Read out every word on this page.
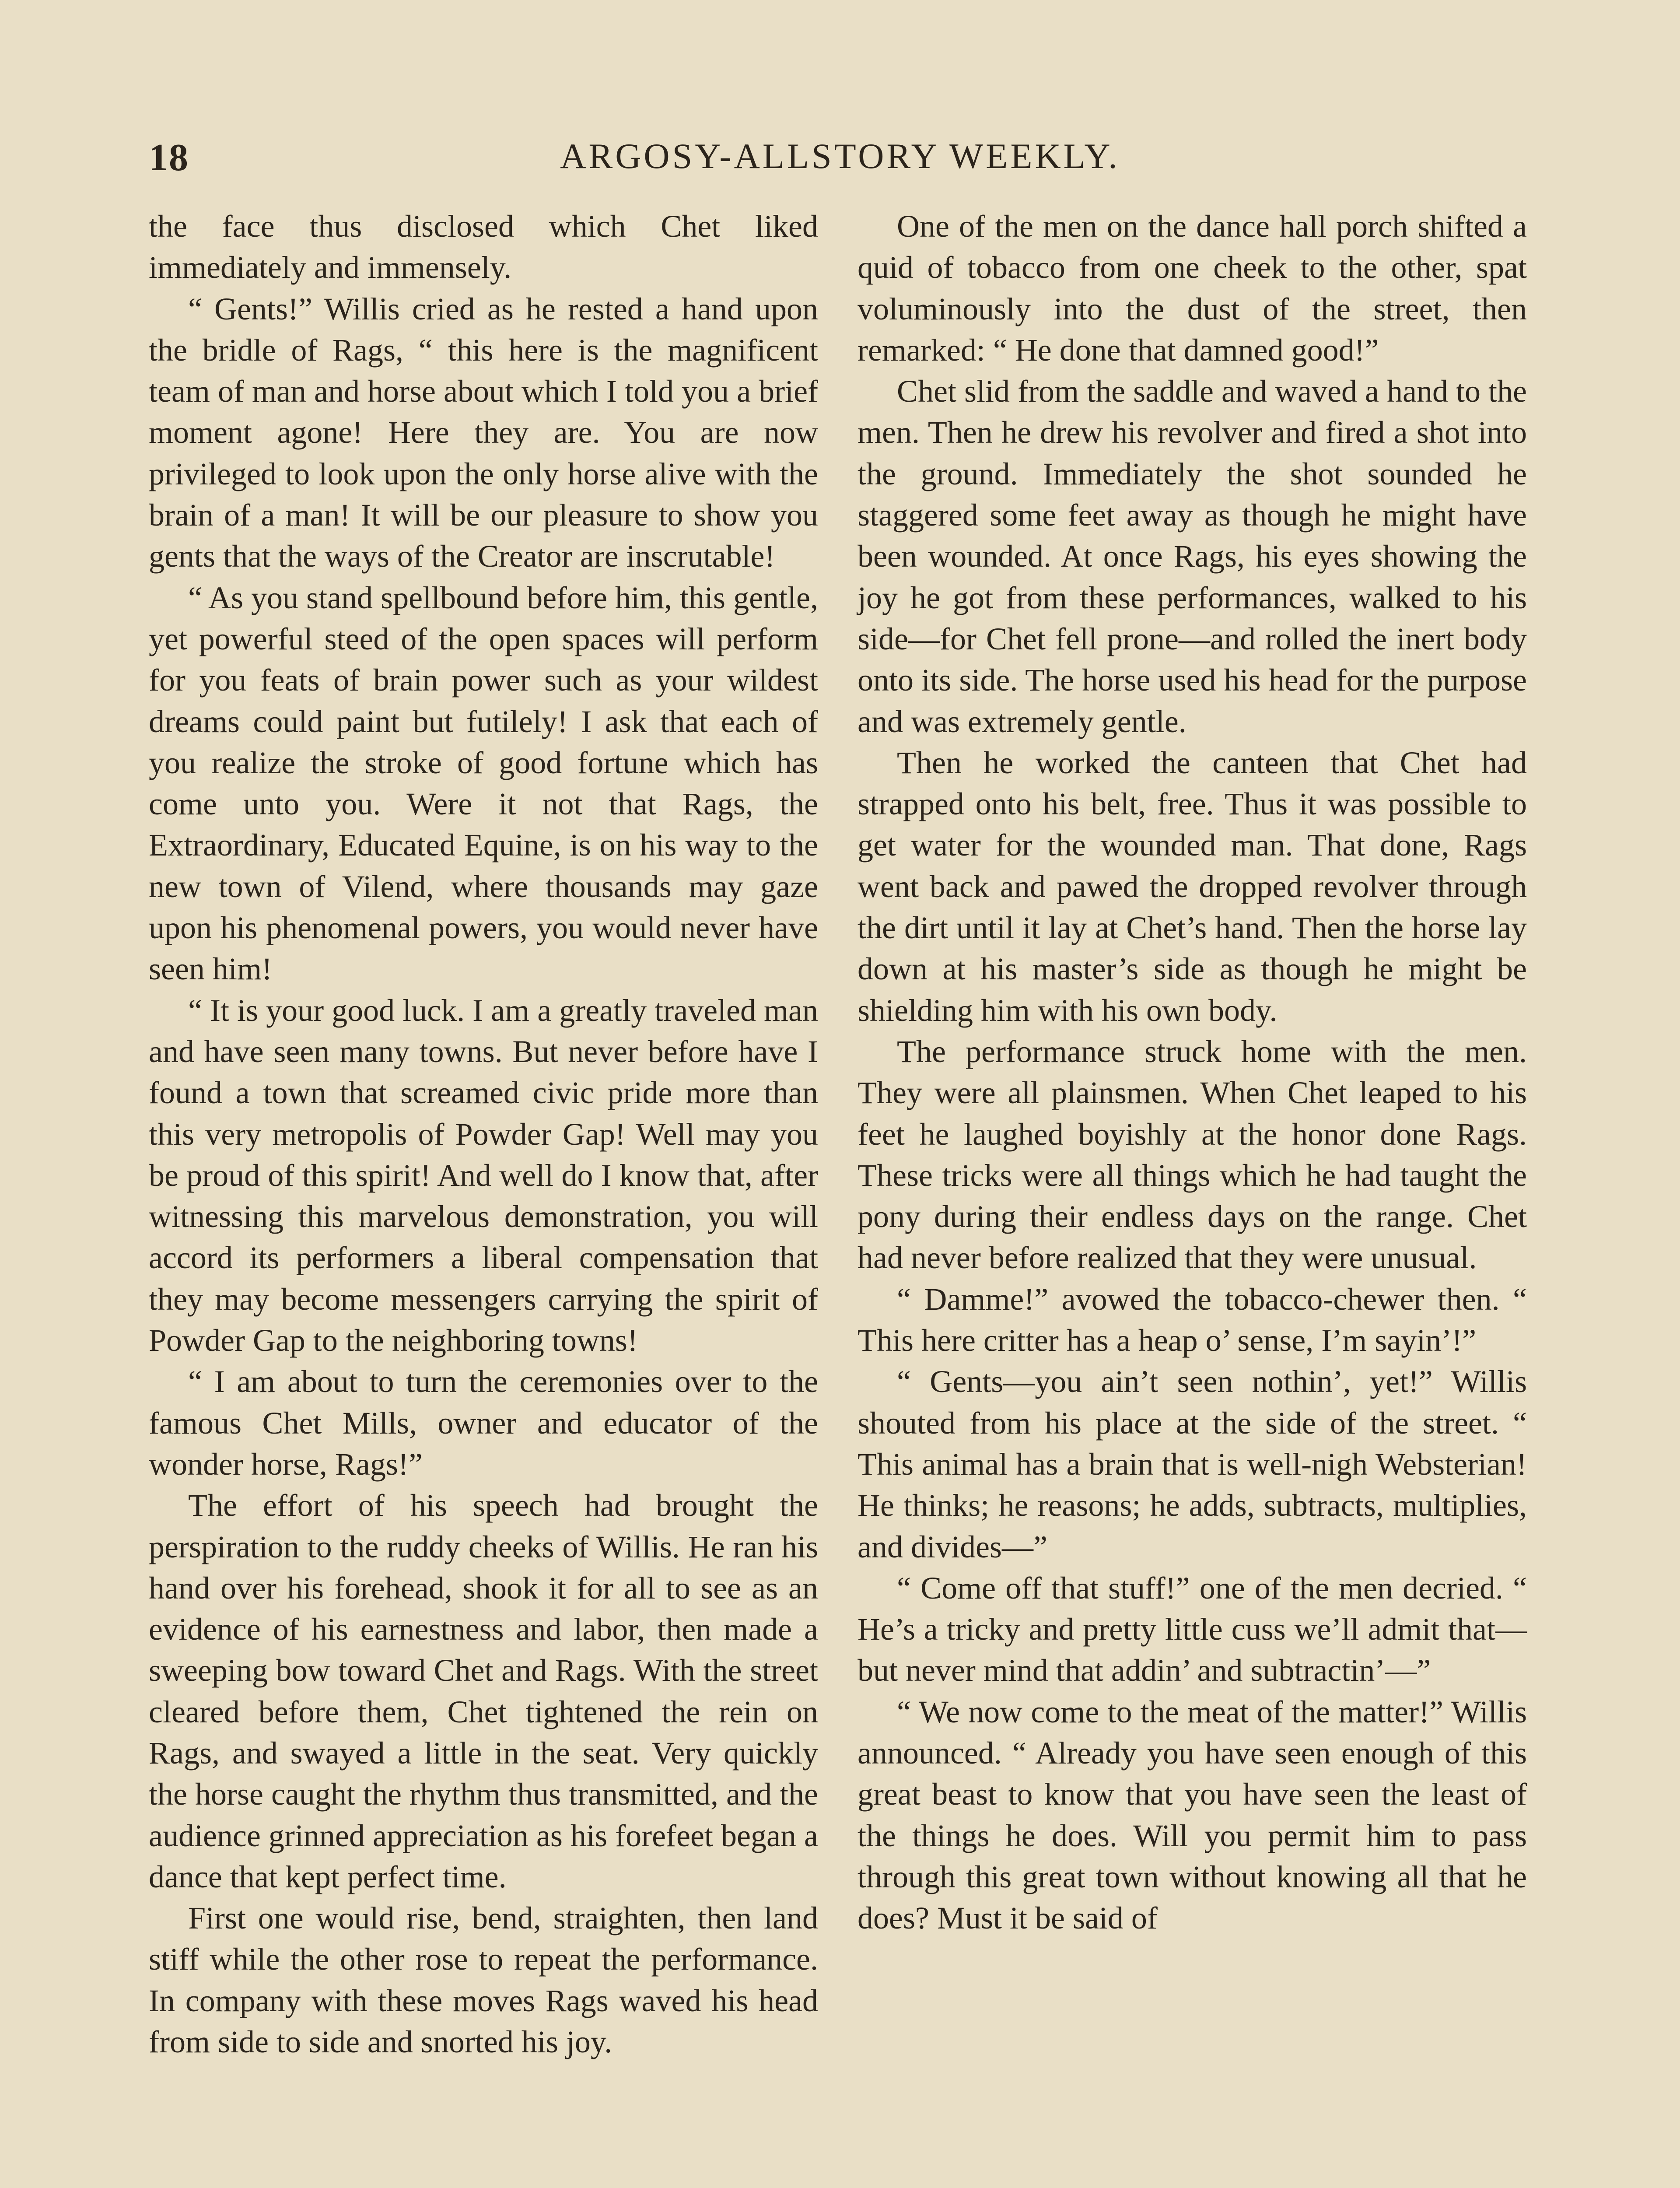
18	ARGOSY-ALLSTORY WEEKLY.

the face thus disclosed which Chet liked immediately and immensely.

“ Gents!” Willis cried as he rested a hand upon the bridle of Rags, “ this here is the magnificent team of man and horse about which I told you a brief moment agone! Here they are. You are now privileged to look upon the only horse alive with the brain of a man! It will be our pleasure to show you gents that the ways of the Creator are inscrutable!

“ As you stand spellbound before him, this gentle, yet powerful steed of the open spaces will perform for you feats of brain power such as your wildest dreams could paint but futilely! I ask that each of you realize the stroke of good fortune which has come unto you. Were it not that Rags, the Extraordinary, Educated Equine, is on his way to the new town of Vilend, where thousands may gaze upon his phenomenal powers, you would never have seen him!

“ It is your good luck. I am a greatly traveled man and have seen many towns. But never before have I found a town that screamed civic pride more than this very metropolis of Powder Gap! Well may you be proud of this spirit! And well do I know that, after witnessing this marvelous demonstration, you will accord its performers a liberal compensation that they may become messengers carrying the spirit of Powder Gap to the neighboring towns!

“ I am about to turn the ceremonies over to the famous Chet Mills, owner and educator of the wonder horse, Rags!”

The effort of his speech had brought the perspiration to the ruddy cheeks of Willis. He ran his hand over his forehead, shook it for all to see as an evidence of his earnestness and labor, then made a sweeping bow toward Chet and Rags. With the street cleared before them, Chet tightened the rein on Rags, and swayed a little in the seat. Very quickly the horse caught the rhythm thus transmitted, and the audience grinned appreciation as his forefeet began a dance that kept perfect time.

First one would rise, bend, straighten, then land stiff while the other rose to repeat the performance. In company with these moves Rags waved his head from side to side and snorted his joy.

One of the men on the dance hall porch shifted a quid of tobacco from one cheek to the other, spat voluminously into the dust of the street, then remarked: “ He done that damned good!”

Chet slid from the saddle and waved a hand to the men. Then he drew his revolver and fired a shot into the ground. Immediately the shot sounded he staggered some feet away as though he might have been wounded. At once Rags, his eyes showing the joy he got from these performances, walked to his side—for Chet fell prone—and rolled the inert body onto its side. The horse used his head for the purpose and was extremely gentle.

Then he worked the canteen that Chet had strapped onto his belt, free. Thus it was possible to get water for the wounded man. That done, Rags went back and pawed the dropped revolver through the dirt until it lay at Chet’s hand. Then the horse lay down at his master’s side as though he might be shielding him with his own body.

The performance struck home with the men. They were all plainsmen. When Chet leaped to his feet he laughed boyishly at the honor done Rags. These tricks were all things which he had taught the pony during their endless days on the range. Chet had never before realized that they were unusual.

“ Damme!” avowed the tobacco-chewer then. “ This here critter has a heap o’ sense, I’m sayin’!”

“ Gents—you ain’t seen nothin’, yet!” Willis shouted from his place at the side of the street. “ This animal has a brain that is well-nigh Websterian! He thinks; he reasons; he adds, subtracts, multiplies, and divides—”

“ Come off that stuff!” one of the men decried. “ He’s a tricky and pretty little cuss we’ll admit that—but never mind that addin’ and subtractin’—”

“ We now come to the meat of the matter!” Willis announced. “ Already you have seen enough of this great beast to know that you have seen the least of the things he does. Will you permit him to pass through this great town without knowing all that he does? Must it be said of
